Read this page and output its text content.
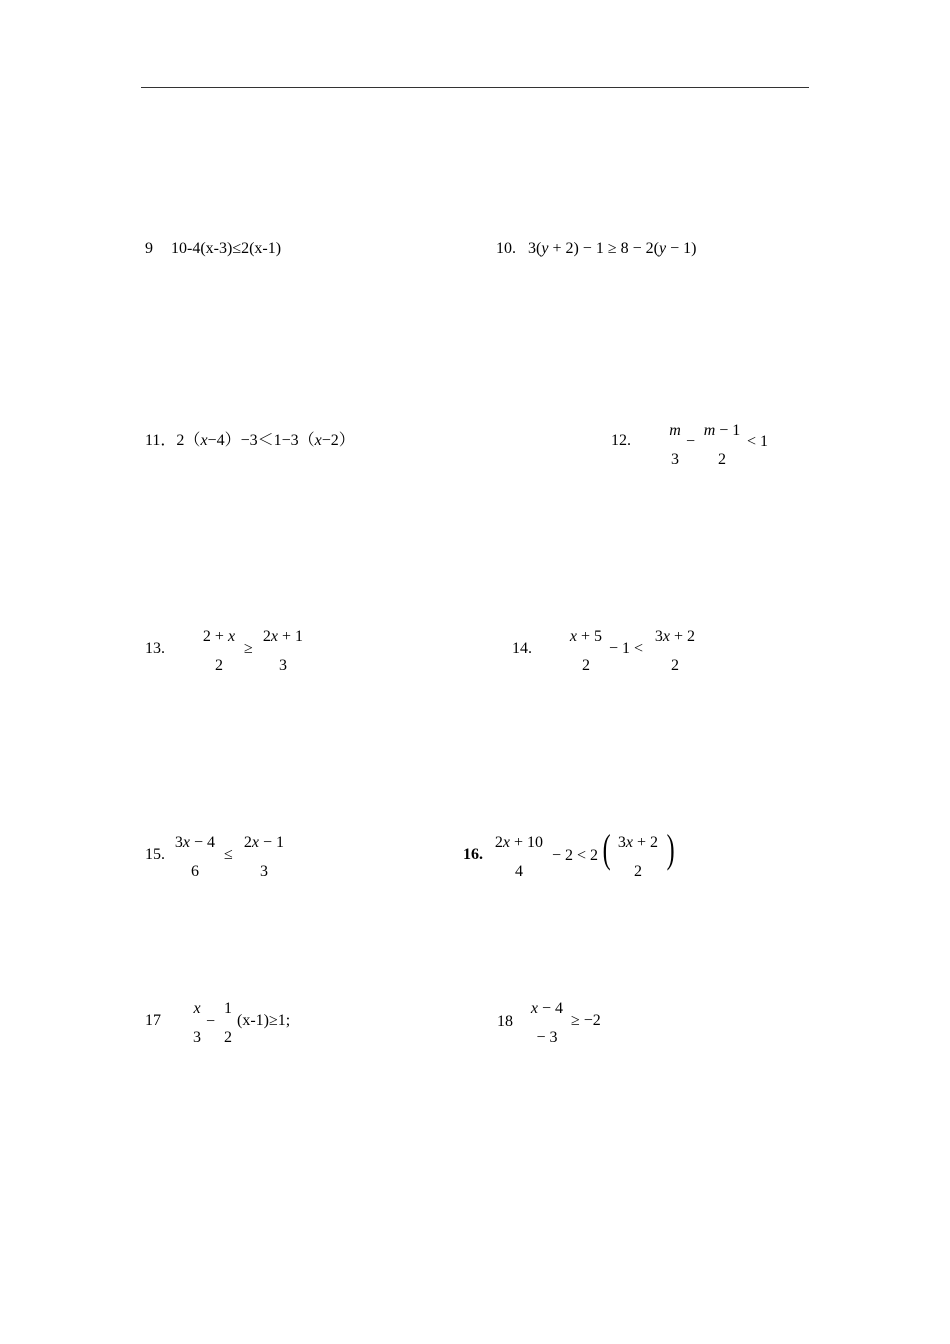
9 10-4(x-3)≤2(x-1)	10. 3(y + 2) − 1 ≥ 8 − 2(y − 1)
11．2（x−4）−3＜1−3（x−2）	12.
m
3
−
m − 1
2
< 1
13.
2 + x
2
≥
2x + 1
3
14.
x + 5
2
− 1 <
3x + 2
2
15.
3x − 4
6
≤
2x − 1
3
16.
2x + 10
4
− 2 < 2 ( 3x + 2
2
)
17
x
3
−
1
2
(x-1)≥1;	18
x − 4
− 3
≥ −2
